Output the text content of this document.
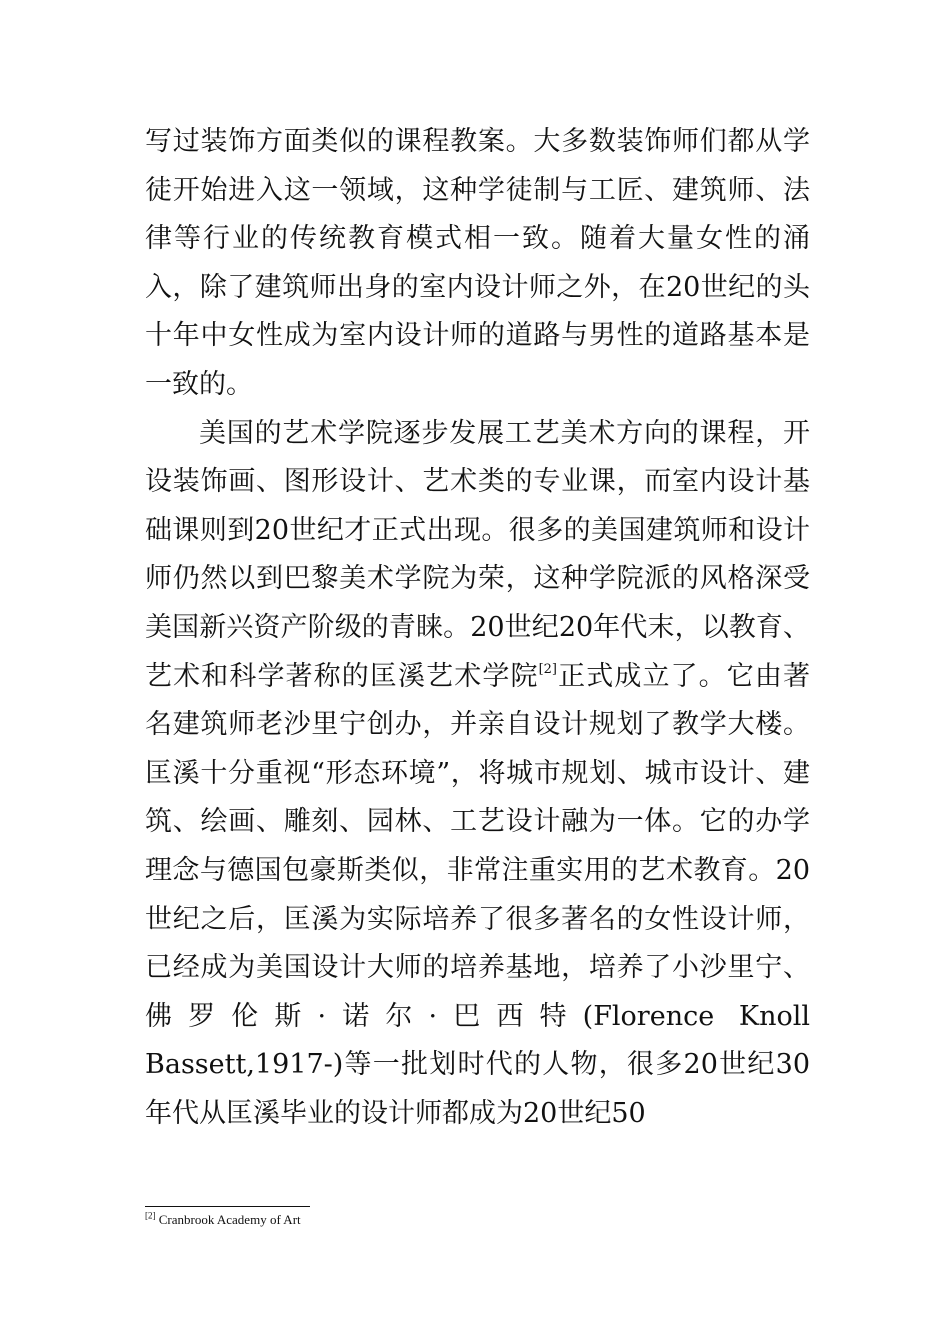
写过装饰方面类似的课程教案。大多数装饰师们都从学徒开始进入这一领域，这种学徒制与工匠、建筑师、法律等行业的传统教育模式相一致。随着大量女性的涌入，除了建筑师出身的室内设计师之外，在20世纪的头十年中女性成为室内设计师的道路与男性的道路基本是一致的。

美国的艺术学院逐步发展工艺美术方向的课程，开设装饰画、图形设计、艺术类的专业课，而室内设计基础课则到20世纪才正式出现。很多的美国建筑师和设计师仍然以到巴黎美术学院为荣，这种学院派的风格深受美国新兴资产阶级的青睐。20世纪20年代末，以教育、艺术和科学著称的匡溪艺术学院[2]正式成立了。它由著名建筑师老沙里宁创办，并亲自设计规划了教学大楼。匡溪十分重视“形态环境”，将城市规划、城市设计、建筑、绘画、雕刻、园林、工艺设计融为一体。它的办学理念与德国包豪斯类似，非常注重实用的艺术教育。20世纪之后，匡溪为实际培养了很多著名的女性设计师，已经成为美国设计大师的培养基地，培养了小沙里宁、佛罗伦斯·诺尔·巴西特(Florence Knoll Bassett,1917-)等一批划时代的人物，很多20世纪30年代从匡溪毕业的设计师都成为20世纪50

[2] Cranbrook Academy of Art
